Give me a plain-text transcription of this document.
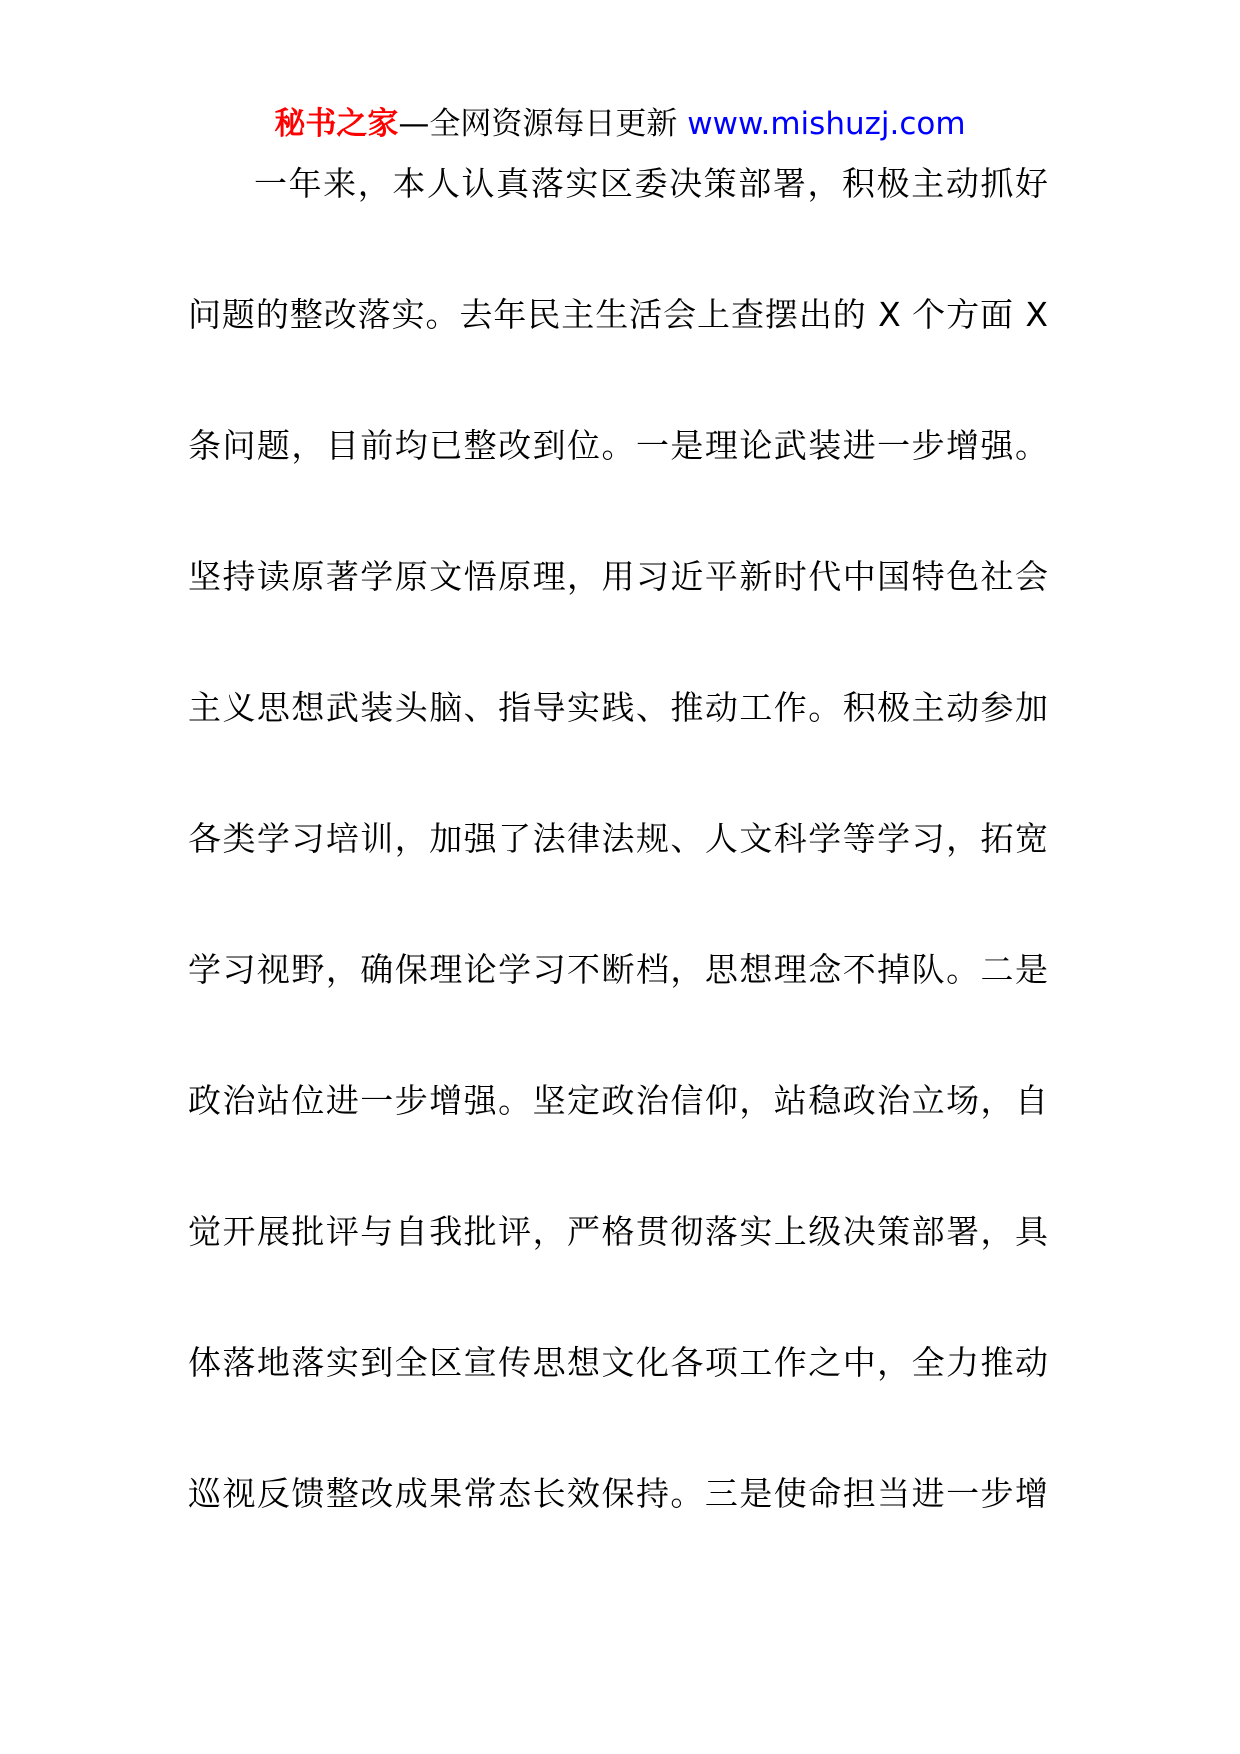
秘书之家—全网资源每日更新 www.mishuzj.com
一年来，本人认真落实区委决策部署，积极主动抓好
问题的整改落实。去年民主生活会上查摆出的 X 个方面 X
条问题，目前均已整改到位。一是理论武装进一步增强。
坚持读原著学原文悟原理，用习近平新时代中国特色社会
主义思想武装头脑、指导实践、推动工作。积极主动参加
各类学习培训，加强了法律法规、人文科学等学习，拓宽
学习视野，确保理论学习不断档，思想理念不掉队。二是
政治站位进一步增强。坚定政治信仰，站稳政治立场，自
觉开展批评与自我批评，严格贯彻落实上级决策部署，具
体落地落实到全区宣传思想文化各项工作之中，全力推动
巡视反馈整改成果常态长效保持。三是使命担当进一步增
